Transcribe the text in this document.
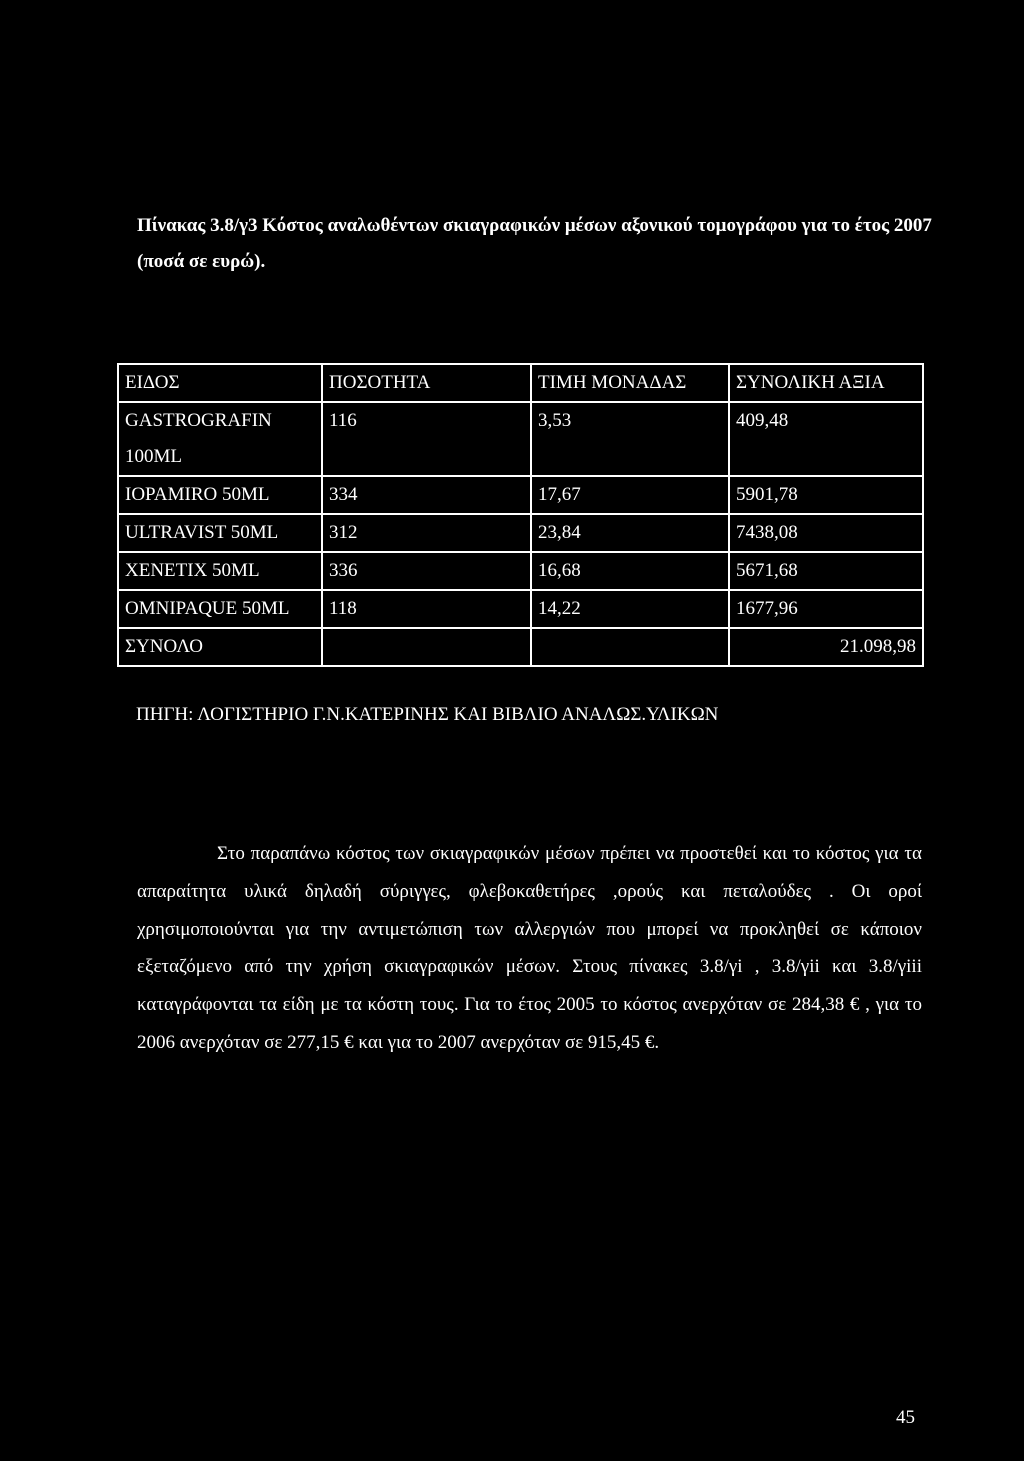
Πίνακας 3.8/γ3 Κόστος αναλωθέντων σκιαγραφικών μέσων αξονικού τομογράφου για το έτος 2007 (ποσά σε ευρώ).

ΕΙΔΟΣ	ΠΟΣΟΤΗΤΑ	ΤΙΜΗ ΜΟΝΑΔΑΣ	ΣΥΝΟΛΙΚΗ ΑΞΙΑ
GASTROGRAFIN 100ML	116	3,53	409,48
IOPAMIRO 50ML	334	17,67	5901,78
ULTRAVIST 50ML	312	23,84	7438,08
XENETIX 50ML	336	16,68	5671,68
OMNIPAQUE 50ML	118	14,22	1677,96
ΣΥΝΟΛΟ			21.098,98

ΠΗΓΗ: ΛΟΓΙΣΤΗΡΙΟ Γ.Ν.ΚΑΤΕΡΙΝΗΣ ΚΑΙ ΒΙΒΛΙΟ ΑΝΑΛΩΣ.ΥΛΙΚΩΝ

Στο παραπάνω κόστος των σκιαγραφικών μέσων πρέπει να προστεθεί και το κόστος για τα απαραίτητα υλικά δηλαδή σύριγγες, φλεβοκαθετήρες ,ορούς και πεταλούδες . Οι οροί χρησιμοποιούνται για την αντιμετώπιση των αλλεργιών που μπορεί να προκληθεί σε κάποιον εξεταζόμενο από την χρήση σκιαγραφικών μέσων. Στους πίνακες 3.8/γi , 3.8/γii και 3.8/γiii καταγράφονται τα είδη με τα κόστη τους. Για το έτος 2005 το κόστος ανερχόταν σε 284,38 € , για το 2006 ανερχόταν σε 277,15 € και για το 2007 ανερχόταν σε 915,45 €.

45
